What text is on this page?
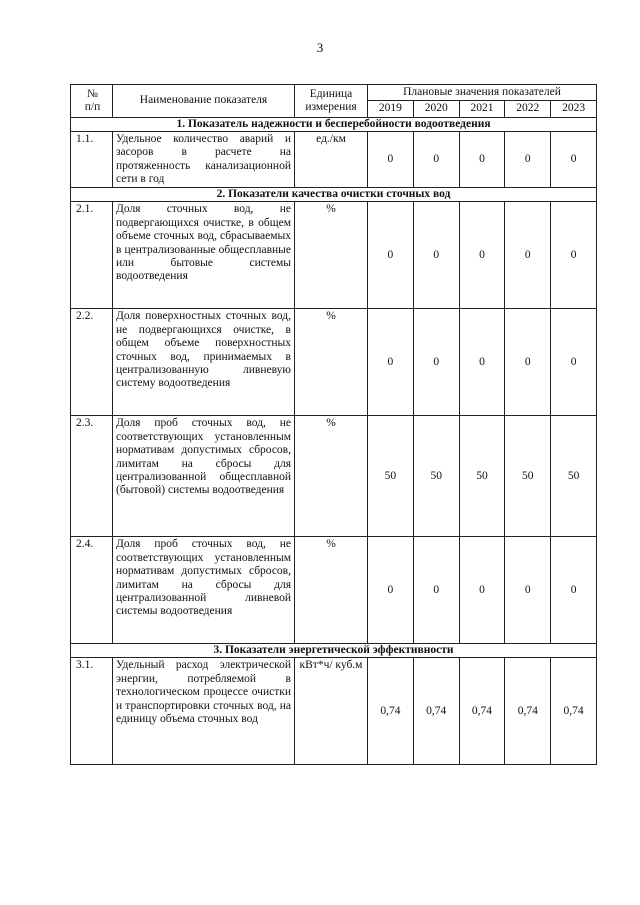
3
№
п/п	Наименование показателя	Единица измерения	Плановые значения показателей				
			2019	2020	2021	2022	2023
1. Показатель надежности и бесперебойности водоотведения							
1.1.	Удельное количество аварий и засоров в расчете на протяженность канализационной сети в год	ед./км	0	0	0	0	0
2. Показатели качества очистки сточных вод							
2.1.	Доля сточных вод, не подвергающихся очистке, в общем объеме сточных вод, сбрасываемых в централизованные общесплавные или бытовые системы водоотведения	%	0	0	0	0	0
2.2.	Доля поверхностных сточных вод, не подвергающихся очистке, в общем объеме поверхностных сточных вод, принимаемых в централизованную ливневую систему водоотведения	%	0	0	0	0	0
2.3.	Доля проб сточных вод, не соответствующих установленным нормативам допустимых сбросов, лимитам на сбросы для централизованной общесплавной (бытовой) системы водоотведения	%	50	50	50	50	50
2.4.	Доля проб сточных вод, не соответствующих установленным нормативам допустимых сбросов, лимитам на сбросы для централизованной ливневой системы водоотведения	%	0	0	0	0	0
3. Показатели энергетической эффективности							
3.1.	Удельный расход электрической энергии, потребляемой в технологическом процессе очистки и транспортировки сточных вод, на единицу объема сточных вод	кВт*ч/ куб.м	0,74	0,74	0,74	0,74	0,74
